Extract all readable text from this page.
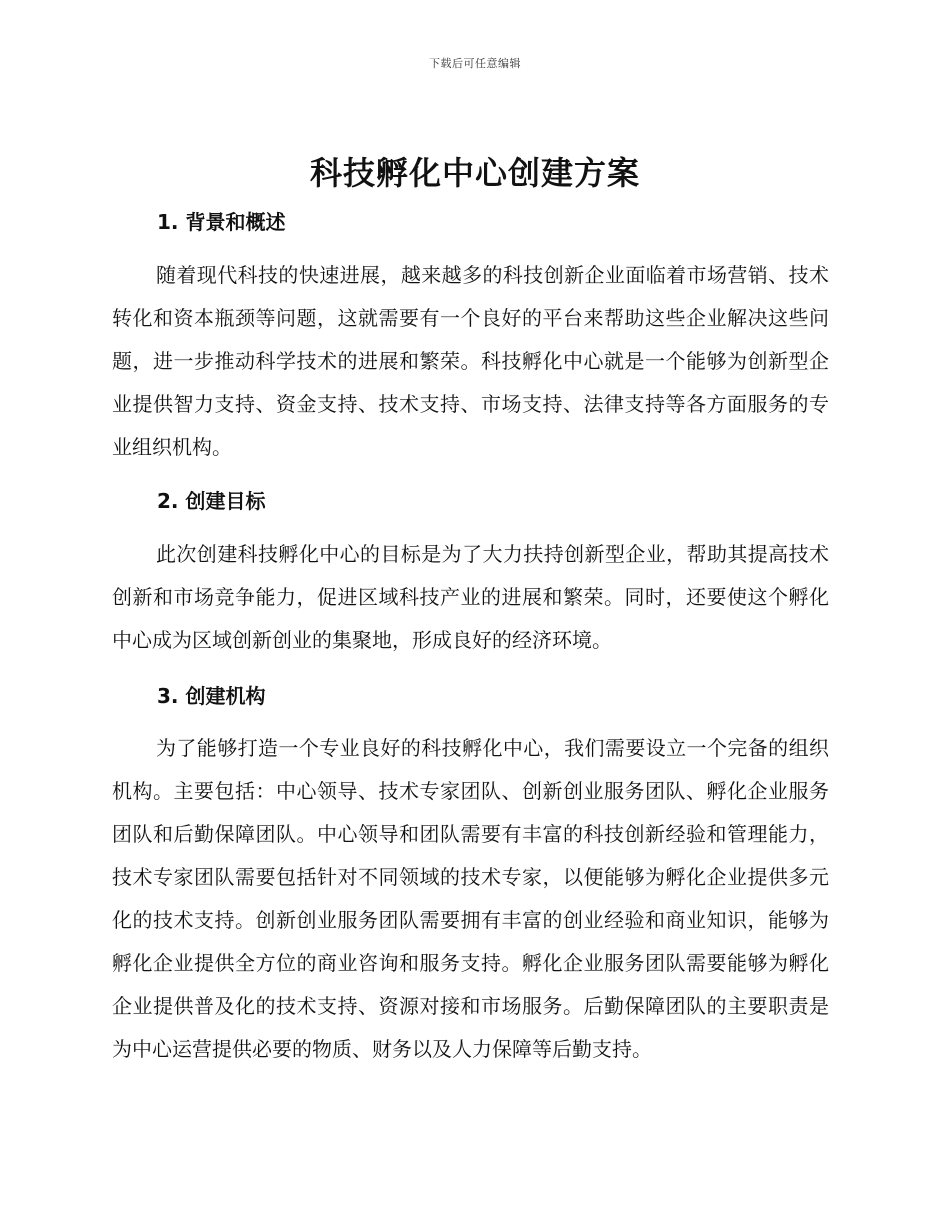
下载后可任意编辑
科技孵化中心创建方案
1. 背景和概述

随着现代科技的快速进展，越来越多的科技创新企业面临着市场营销、技术转化和资本瓶颈等问题，这就需要有一个良好的平台来帮助这些企业解决这些问题，进一步推动科学技术的进展和繁荣。科技孵化中心就是一个能够为创新型企业提供智力支持、资金支持、技术支持、市场支持、法律支持等各方面服务的专业组织机构。

2. 创建目标

此次创建科技孵化中心的目标是为了大力扶持创新型企业，帮助其提高技术创新和市场竞争能力，促进区域科技产业的进展和繁荣。同时，还要使这个孵化中心成为区域创新创业的集聚地，形成良好的经济环境。

3. 创建机构

为了能够打造一个专业良好的科技孵化中心，我们需要设立一个完备的组织机构。主要包括：中心领导、技术专家团队、创新创业服务团队、孵化企业服务团队和后勤保障团队。中心领导和团队需要有丰富的科技创新经验和管理能力，技术专家团队需要包括针对不同领域的技术专家，以便能够为孵化企业提供多元化的技术支持。创新创业服务团队需要拥有丰富的创业经验和商业知识，能够为孵化企业提供全方位的商业咨询和服务支持。孵化企业服务团队需要能够为孵化企业提供普及化的技术支持、资源对接和市场服务。后勤保障团队的主要职责是为中心运营提供必要的物质、财务以及人力保障等后勤支持。
